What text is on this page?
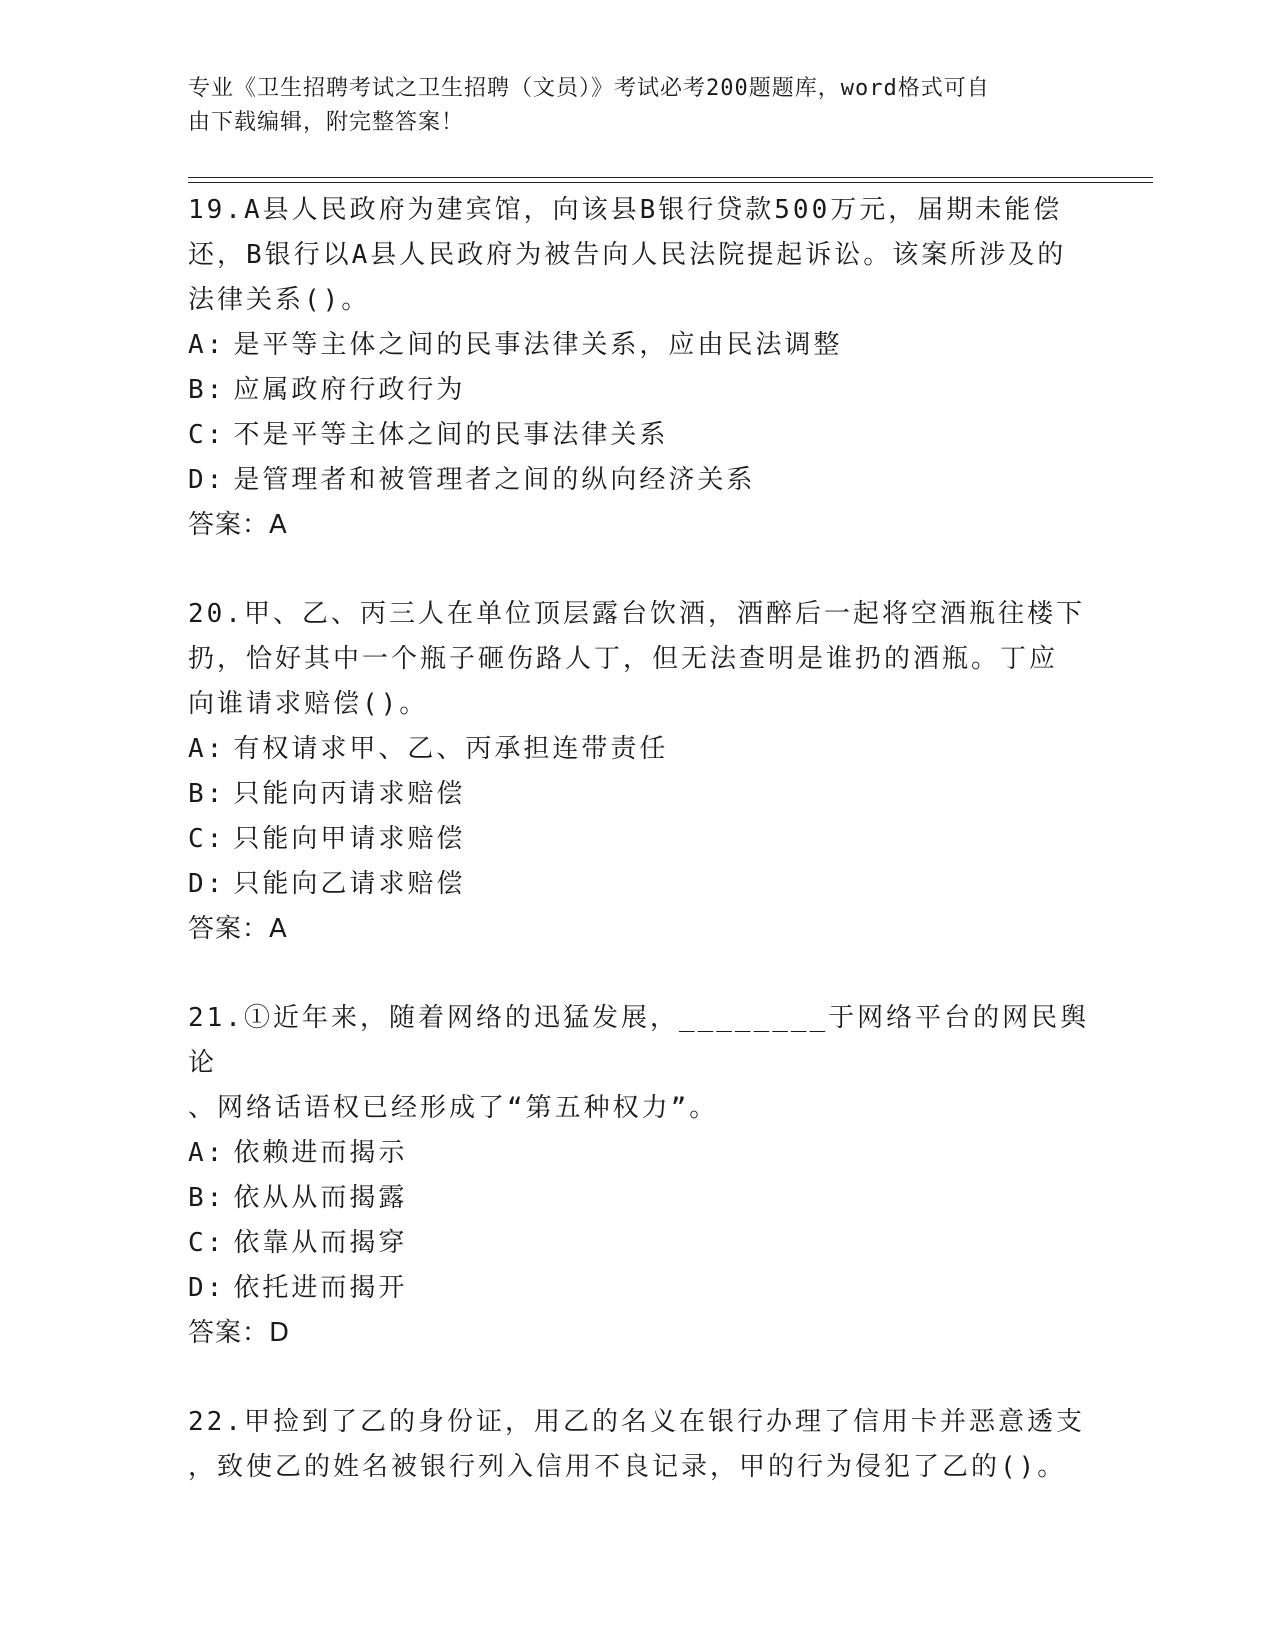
专业《卫生招聘考试之卫生招聘（文员）》考试必考200题题库，word格式可自
由下载编辑，附完整答案！

19.A县人民政府为建宾馆，向该县B银行贷款500万元，届期未能偿

还，B银行以A县人民政府为被告向人民法院提起诉讼。该案所涉及的

法律关系()。

A: 是平等主体之间的民事法律关系，应由民法调整

B: 应属政府行政行为

C: 不是平等主体之间的民事法律关系

D: 是管理者和被管理者之间的纵向经济关系

答案：A

20.甲、乙、丙三人在单位顶层露台饮酒，酒醉后一起将空酒瓶往楼下

扔，恰好其中一个瓶子砸伤路人丁，但无法查明是谁扔的酒瓶。丁应

向谁请求赔偿()。

A: 有权请求甲、乙、丙承担连带责任

B: 只能向丙请求赔偿

C: 只能向甲请求赔偿

D: 只能向乙请求赔偿

答案：A

21.①近年来，随着网络的迅猛发展，________于网络平台的网民舆论

、网络话语权已经形成了“第五种权力”。

A: 依赖进而揭示

B: 依从从而揭露

C: 依靠从而揭穿

D: 依托进而揭开

答案：D

22.甲捡到了乙的身份证，用乙的名义在银行办理了信用卡并恶意透支

，致使乙的姓名被银行列入信用不良记录，甲的行为侵犯了乙的()。
